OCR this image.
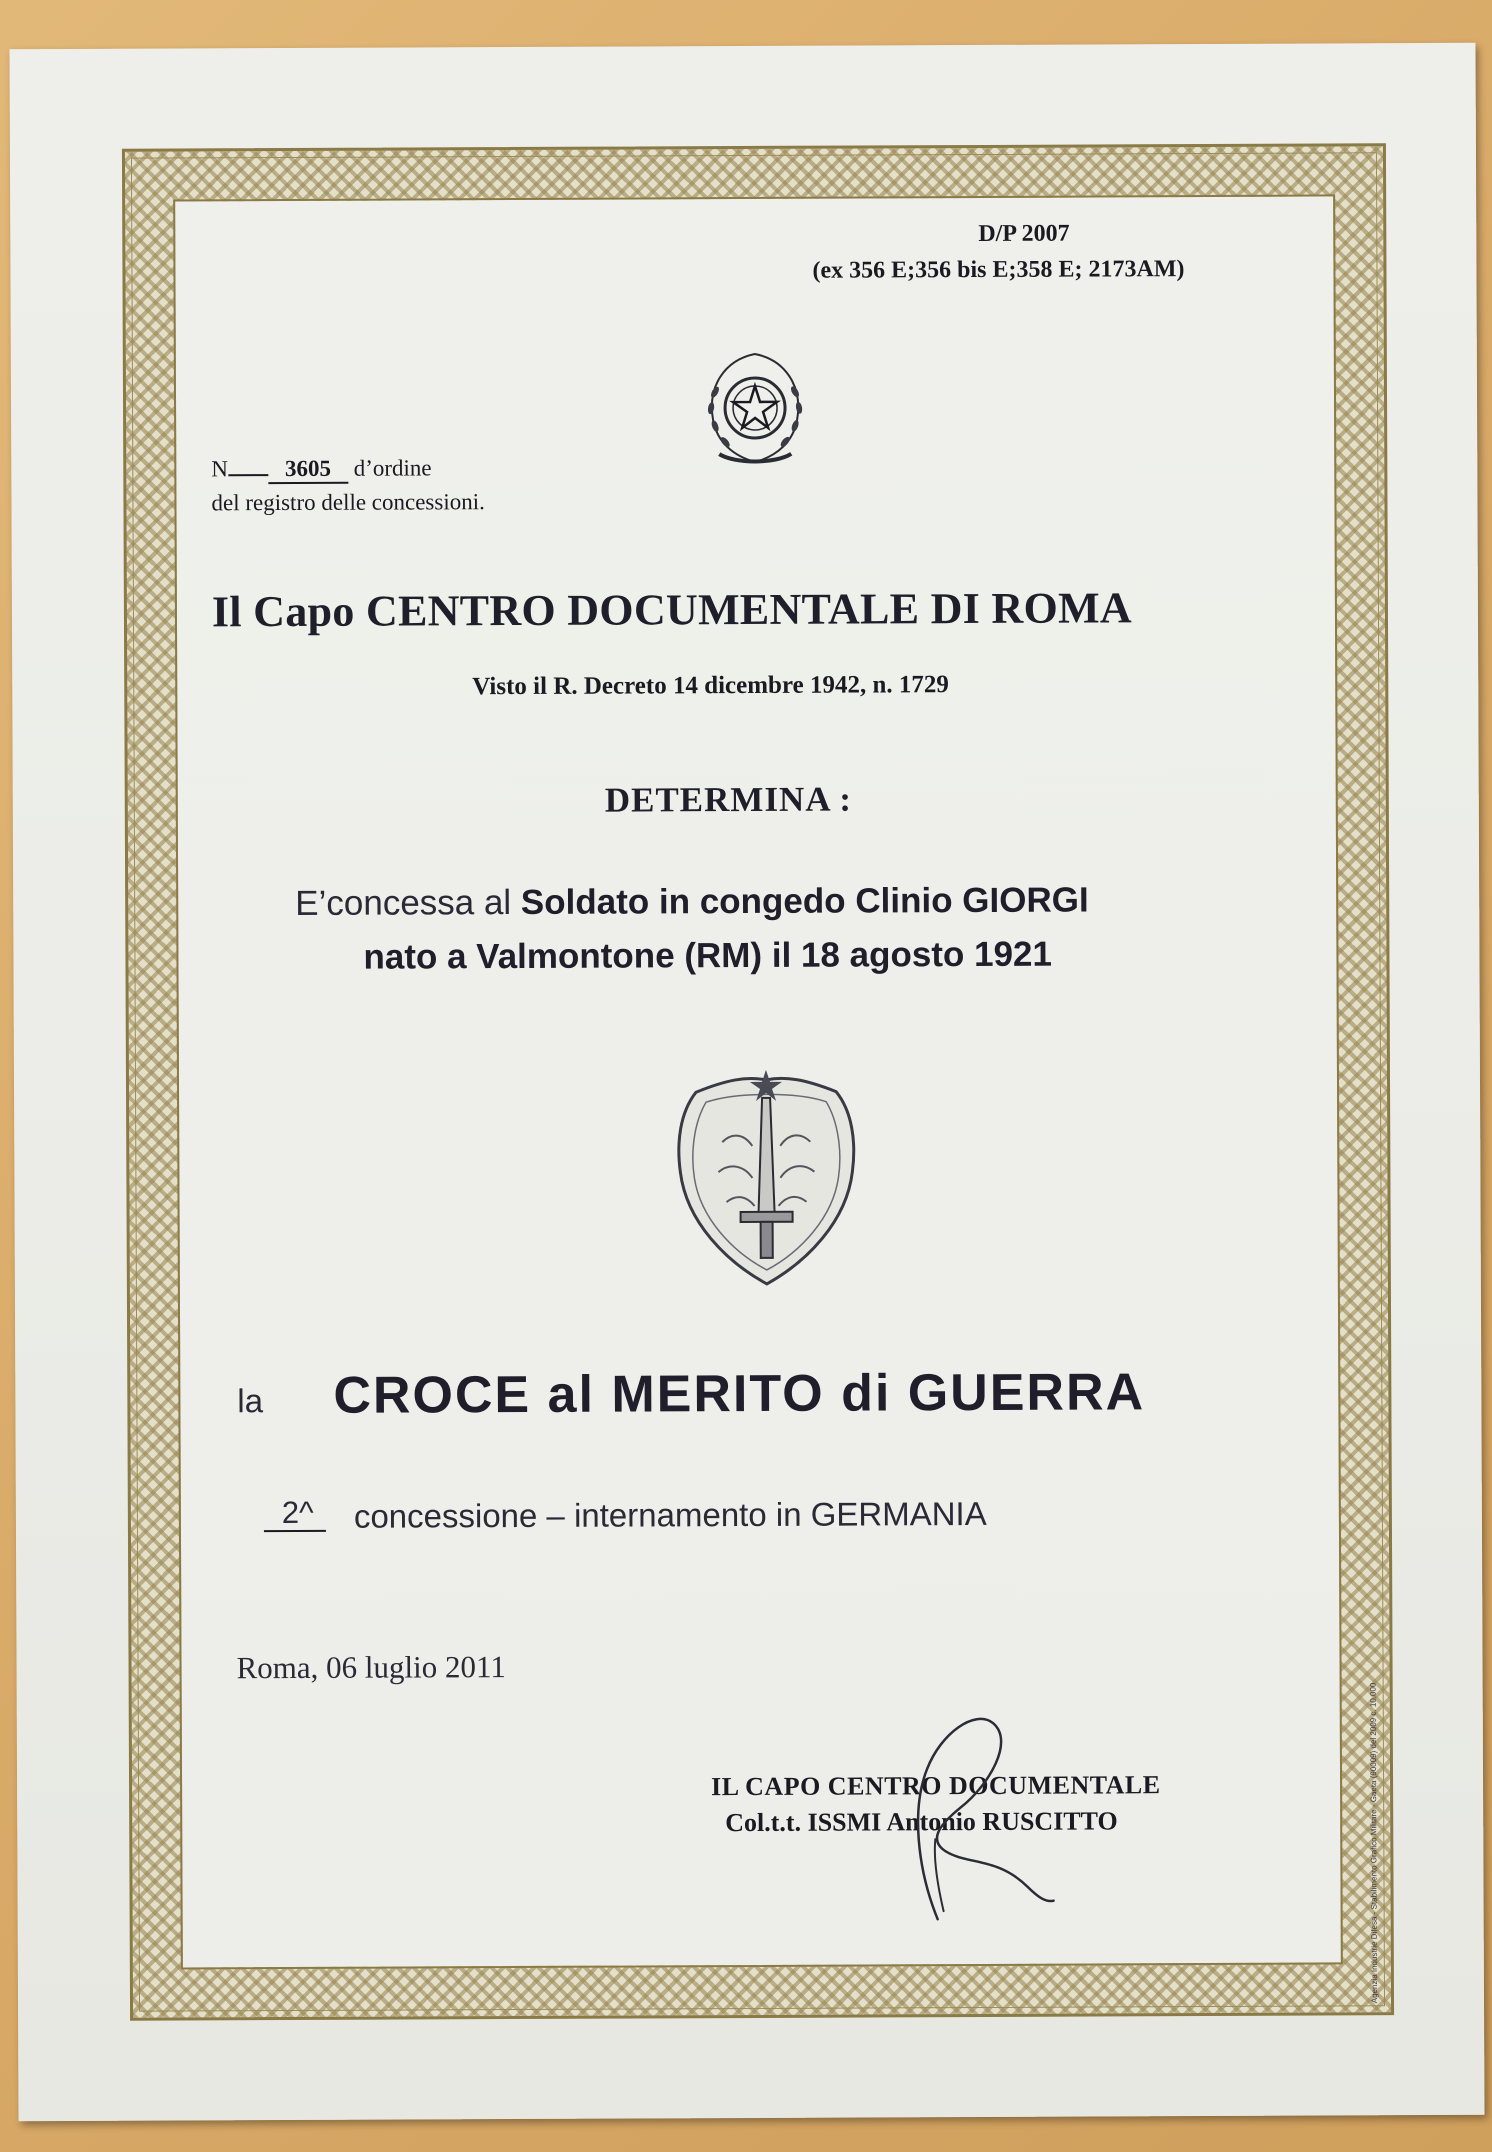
D/P 2007
(ex 356 E;356 bis E;358 E; 2173AM)
N 3605 d’ordine
del registro delle concessioni.
Il Capo CENTRO DOCUMENTALE DI ROMA
Visto il R. Decreto 14 dicembre 1942, n. 1729
DETERMINA :
E’concessa al Soldato in congedo Clinio GIORGI
nato a Valmontone (RM) il 18 agosto 1921
la CROCE al MERITO di GUERRA
2^	concessione – internamento in GERMANIA
Roma, 06 luglio 2011
IL CAPO CENTRO DOCUMENTALE
Col.t.t. ISSMI Antonio RUSCITTO	Agenzia Industrie Difesa - Stabilimento Grafico Militare - Gaeta (90009) del 2009 c. 10.000
